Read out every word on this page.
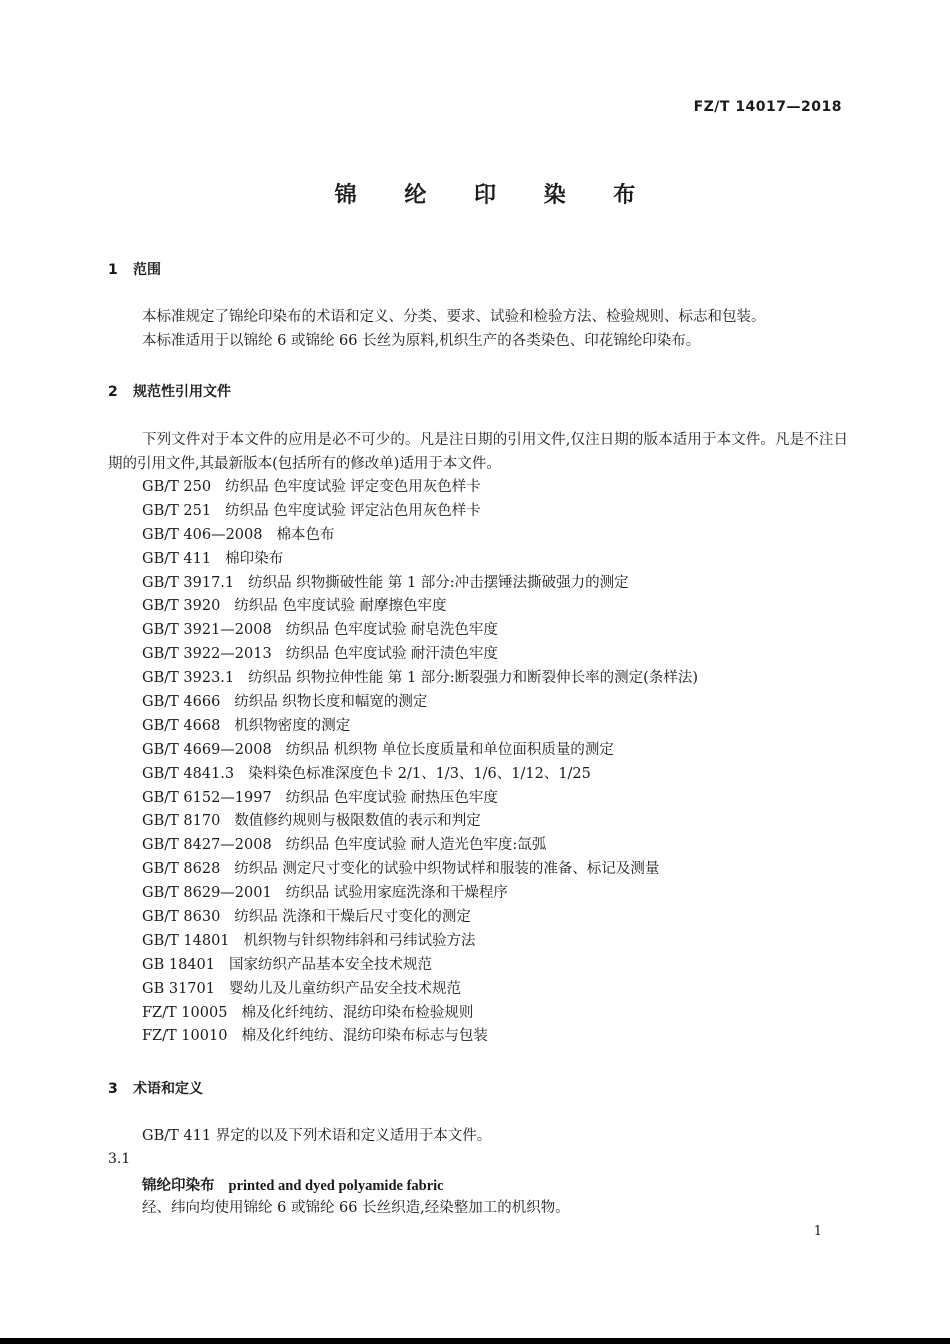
FZ/T 14017—2018
锦 纶 印 染 布
1 范围
本标准规定了锦纶印染布的术语和定义、分类、要求、试验和检验方法、检验规则、标志和包装。
本标准适用于以锦纶 6 或锦纶 66 长丝为原料,机织生产的各类染色、印花锦纶印染布。
2 规范性引用文件
下列文件对于本文件的应用是必不可少的。凡是注日期的引用文件,仅注日期的版本适用于本文件。凡是不注日期的引用文件,其最新版本(包括所有的修改单)适用于本文件。
GB/T 250 纺织品 色牢度试验 评定变色用灰色样卡
GB/T 251 纺织品 色牢度试验 评定沾色用灰色样卡
GB/T 406—2008 棉本色布
GB/T 411 棉印染布
GB/T 3917.1 纺织品 织物撕破性能 第 1 部分:冲击摆锤法撕破强力的测定
GB/T 3920 纺织品 色牢度试验 耐摩擦色牢度
GB/T 3921—2008 纺织品 色牢度试验 耐皂洗色牢度
GB/T 3922—2013 纺织品 色牢度试验 耐汗渍色牢度
GB/T 3923.1 纺织品 织物拉伸性能 第 1 部分:断裂强力和断裂伸长率的测定(条样法)
GB/T 4666 纺织品 织物长度和幅宽的测定
GB/T 4668 机织物密度的测定
GB/T 4669—2008 纺织品 机织物 单位长度质量和单位面积质量的测定
GB/T 4841.3 染料染色标准深度色卡 2/1、1/3、1/6、1/12、1/25
GB/T 6152—1997 纺织品 色牢度试验 耐热压色牢度
GB/T 8170 数值修约规则与极限数值的表示和判定
GB/T 8427—2008 纺织品 色牢度试验 耐人造光色牢度:氙弧
GB/T 8628 纺织品 测定尺寸变化的试验中织物试样和服装的准备、标记及测量
GB/T 8629—2001 纺织品 试验用家庭洗涤和干燥程序
GB/T 8630 纺织品 洗涤和干燥后尺寸变化的测定
GB/T 14801 机织物与针织物纬斜和弓纬试验方法
GB 18401 国家纺织产品基本安全技术规范
GB 31701 婴幼儿及儿童纺织产品安全技术规范
FZ/T 10005 棉及化纤纯纺、混纺印染布检验规则
FZ/T 10010 棉及化纤纯纺、混纺印染布标志与包装
3 术语和定义
GB/T 411 界定的以及下列术语和定义适用于本文件。
3.1
锦纶印染布 printed and dyed polyamide fabric
经、纬向均使用锦纶 6 或锦纶 66 长丝织造,经染整加工的机织物。
1
